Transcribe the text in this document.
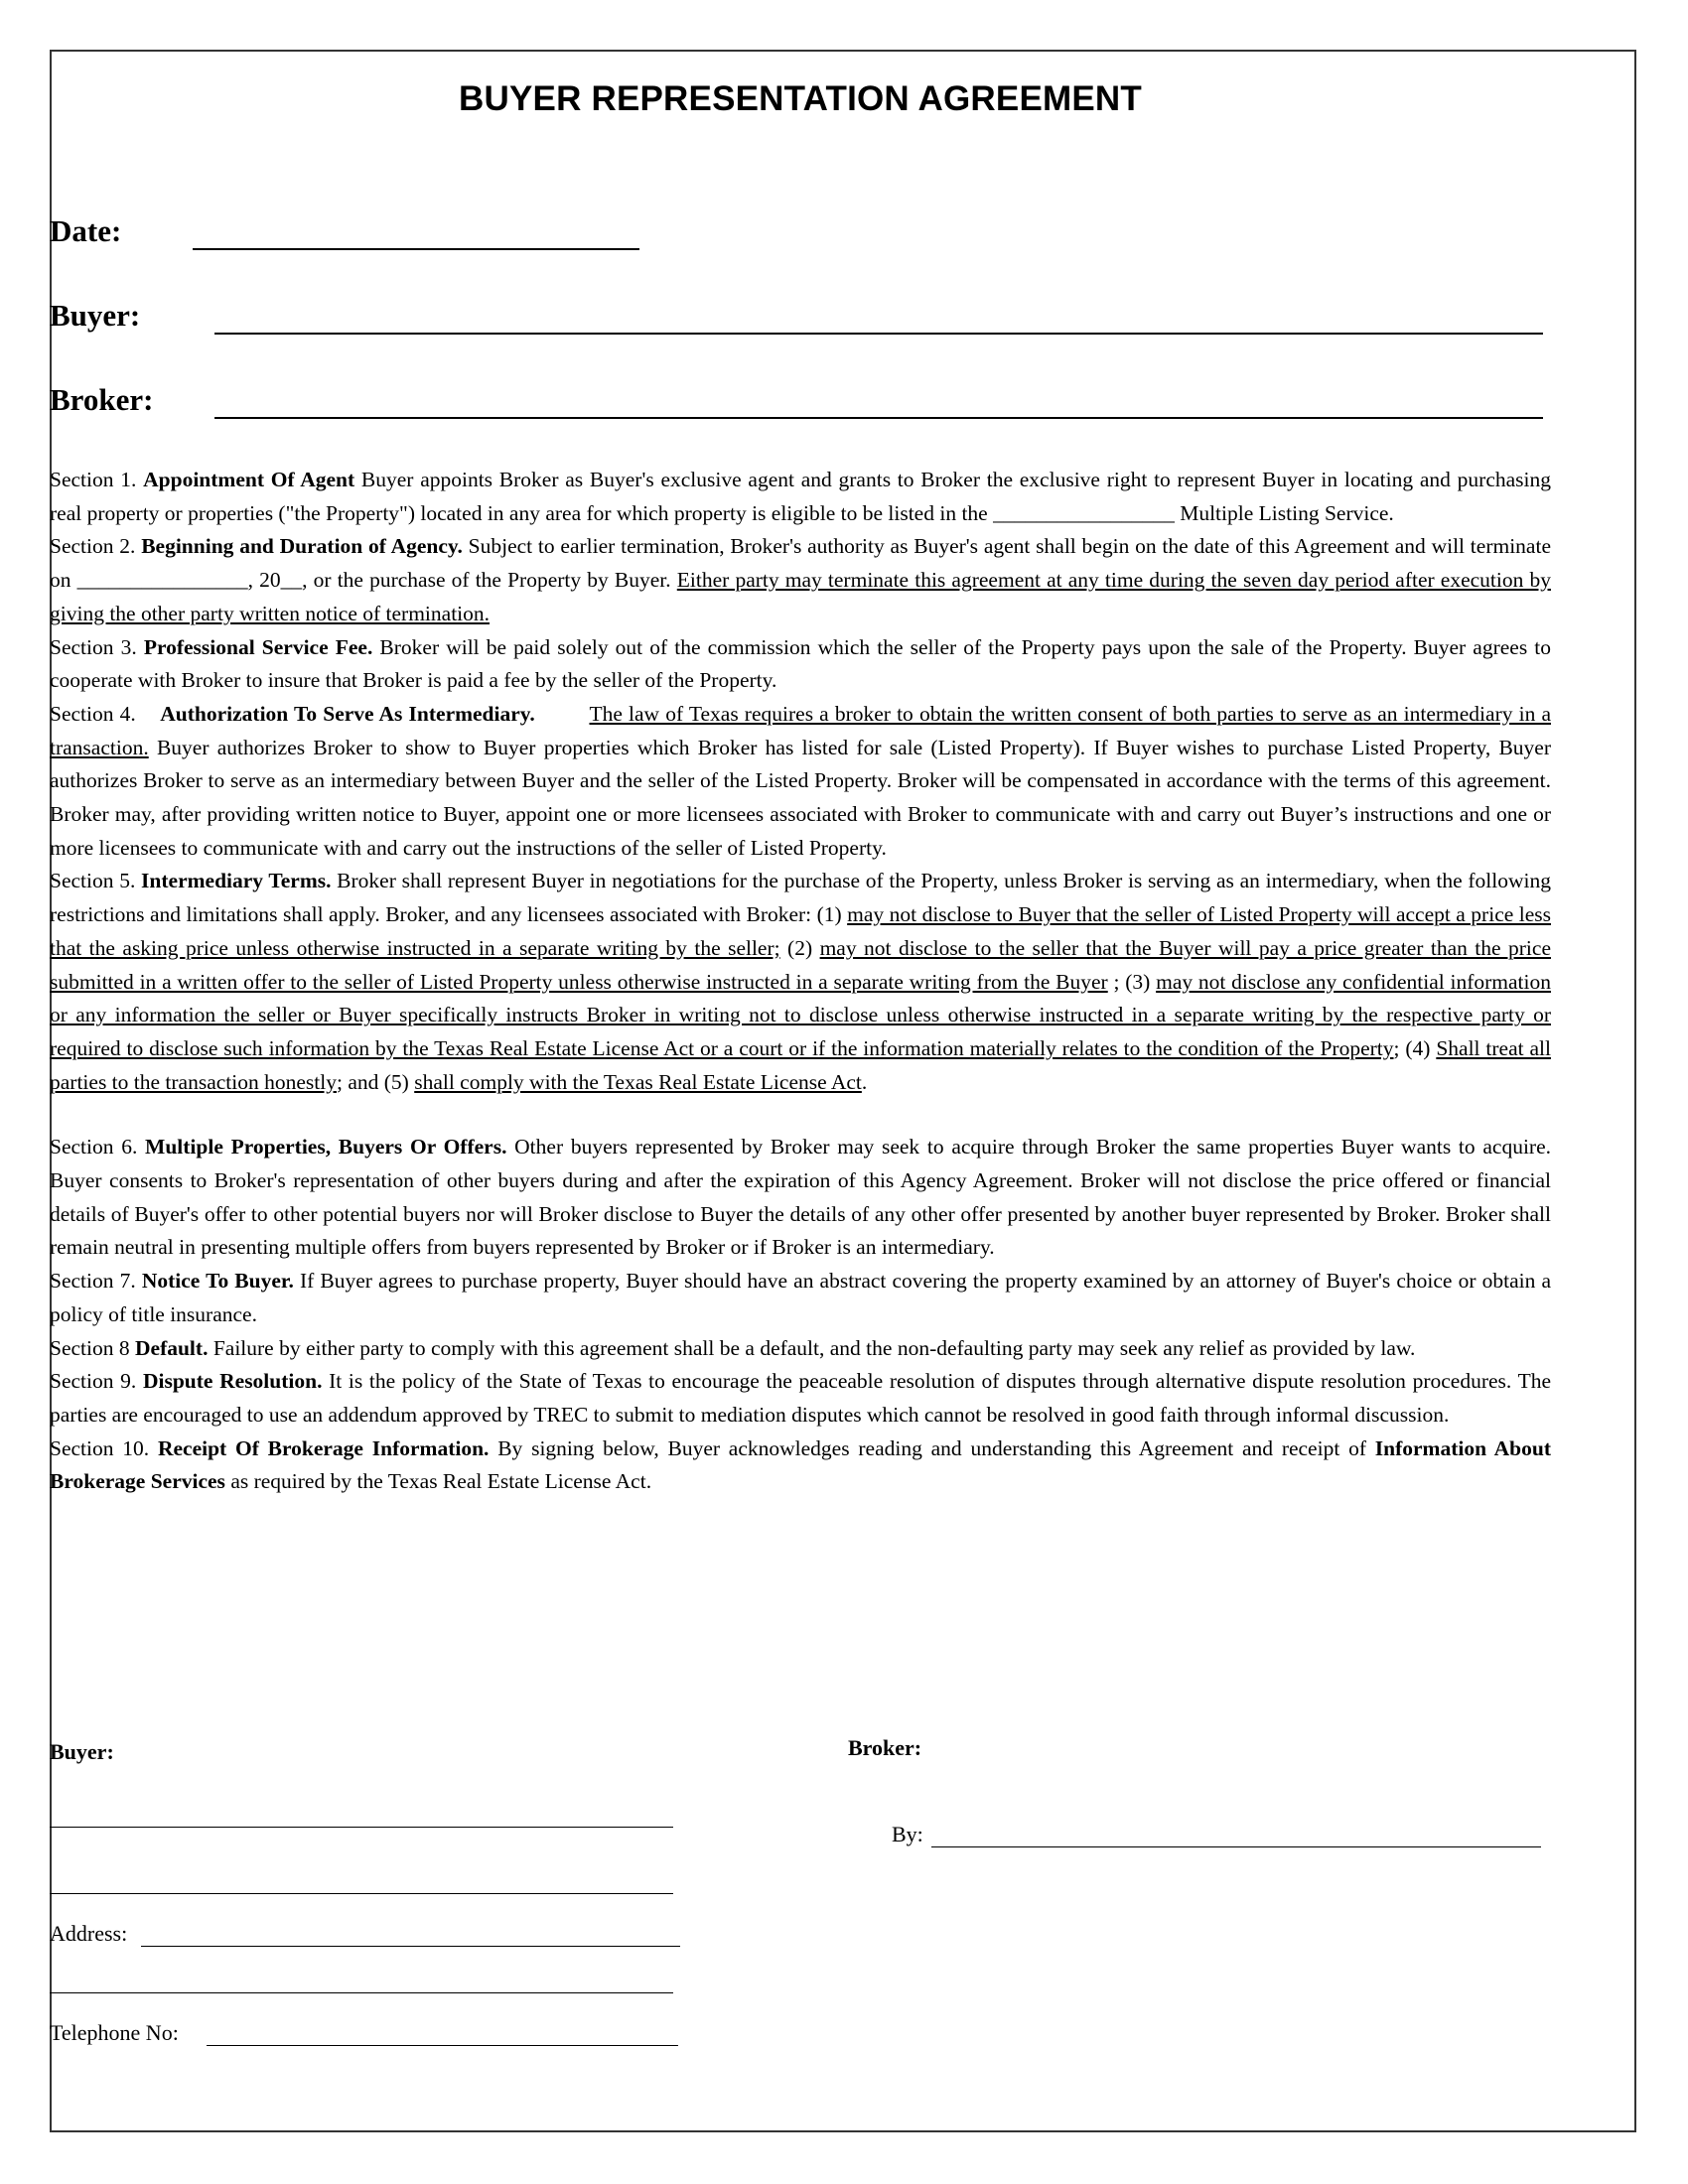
BUYER REPRESENTATION AGREEMENT
Date:
Buyer:
Broker:

Section 1. Appointment Of Agent Buyer appoints Broker as Buyer's exclusive agent and grants to Broker the exclusive right to represent Buyer in locating and purchasing real property or properties ("the Property") located in any area for which property is eligible to be listed in the _________________ Multiple Listing Service.

Section 2. Beginning and Duration of Agency. Subject to earlier termination, Broker's authority as Buyer's agent shall begin on the date of this Agreement and will terminate on ________________, 20__, or the purchase of the Property by Buyer. Either party may terminate this agreement at any time during the seven day period after execution by giving the other party written notice of termination.

Section 3. Professional Service Fee. Broker will be paid solely out of the commission which the seller of the Property pays upon the sale of the Property. Buyer agrees to cooperate with Broker to insure that Broker is paid a fee by the seller of the Property.

Section 4. Authorization To Serve As Intermediary.	The law of Texas requires a broker to obtain the written consent of both parties to serve as an intermediary in a transaction. Buyer authorizes Broker to show to Buyer properties which Broker has listed for sale (Listed Property). If Buyer wishes to purchase Listed Property, Buyer authorizes Broker to serve as an intermediary between Buyer and the seller of the Listed Property. Broker will be compensated in accordance with the terms of this agreement. Broker may, after providing written notice to Buyer, appoint one or more licensees associated with Broker to communicate with and carry out Buyer’s instructions and one or more licensees to communicate with and carry out the instructions of the seller of Listed Property.

Section 5. Intermediary Terms. Broker shall represent Buyer in negotiations for the purchase of the Property, unless Broker is serving as an intermediary, when the following restrictions and limitations shall apply. Broker, and any licensees associated with Broker: (1) may not disclose to Buyer that the seller of Listed Property will accept a price less that the asking price unless otherwise instructed in a separate writing by the seller; (2) may not disclose to the seller that the Buyer will pay a price greater than the price submitted in a written offer to the seller of Listed Property unless otherwise instructed in a separate writing from the Buyer ; (3) may not disclose any confidential information or any information the seller or Buyer specifically instructs Broker in writing not to disclose unless otherwise instructed in a separate writing by the respective party or required to disclose such information by the Texas Real Estate License Act or a court or if the information materially relates to the condition of the Property; (4) Shall treat all parties to the transaction honestly; and (5) shall comply with the Texas Real Estate License Act.

Section 6. Multiple Properties, Buyers Or Offers. Other buyers represented by Broker may seek to acquire through Broker the same properties Buyer wants to acquire. Buyer consents to Broker's representation of other buyers during and after the expiration of this Agency Agreement. Broker will not disclose the price offered or financial details of Buyer's offer to other potential buyers nor will Broker disclose to Buyer the details of any other offer presented by another buyer represented by Broker. Broker shall remain neutral in presenting multiple offers from buyers represented by Broker or if Broker is an intermediary.

Section 7. Notice To Buyer. If Buyer agrees to purchase property, Buyer should have an abstract covering the property examined by an attorney of Buyer's choice or obtain a policy of title insurance.

Section 8 Default. Failure by either party to comply with this agreement shall be a default, and the non-defaulting party may seek any relief as provided by law.

Section 9. Dispute Resolution. It is the policy of the State of Texas to encourage the peaceable resolution of disputes through alternative dispute resolution procedures. The parties are encouraged to use an addendum approved by TREC to submit to mediation disputes which cannot be resolved in good faith through informal discussion.

Section 10. Receipt Of Brokerage Information. By signing below, Buyer acknowledges reading and understanding this Agreement and receipt of Information About Brokerage Services as required by the Texas Real Estate License Act.

Buyer:	Broker:
By:
Address:
Telephone No:
